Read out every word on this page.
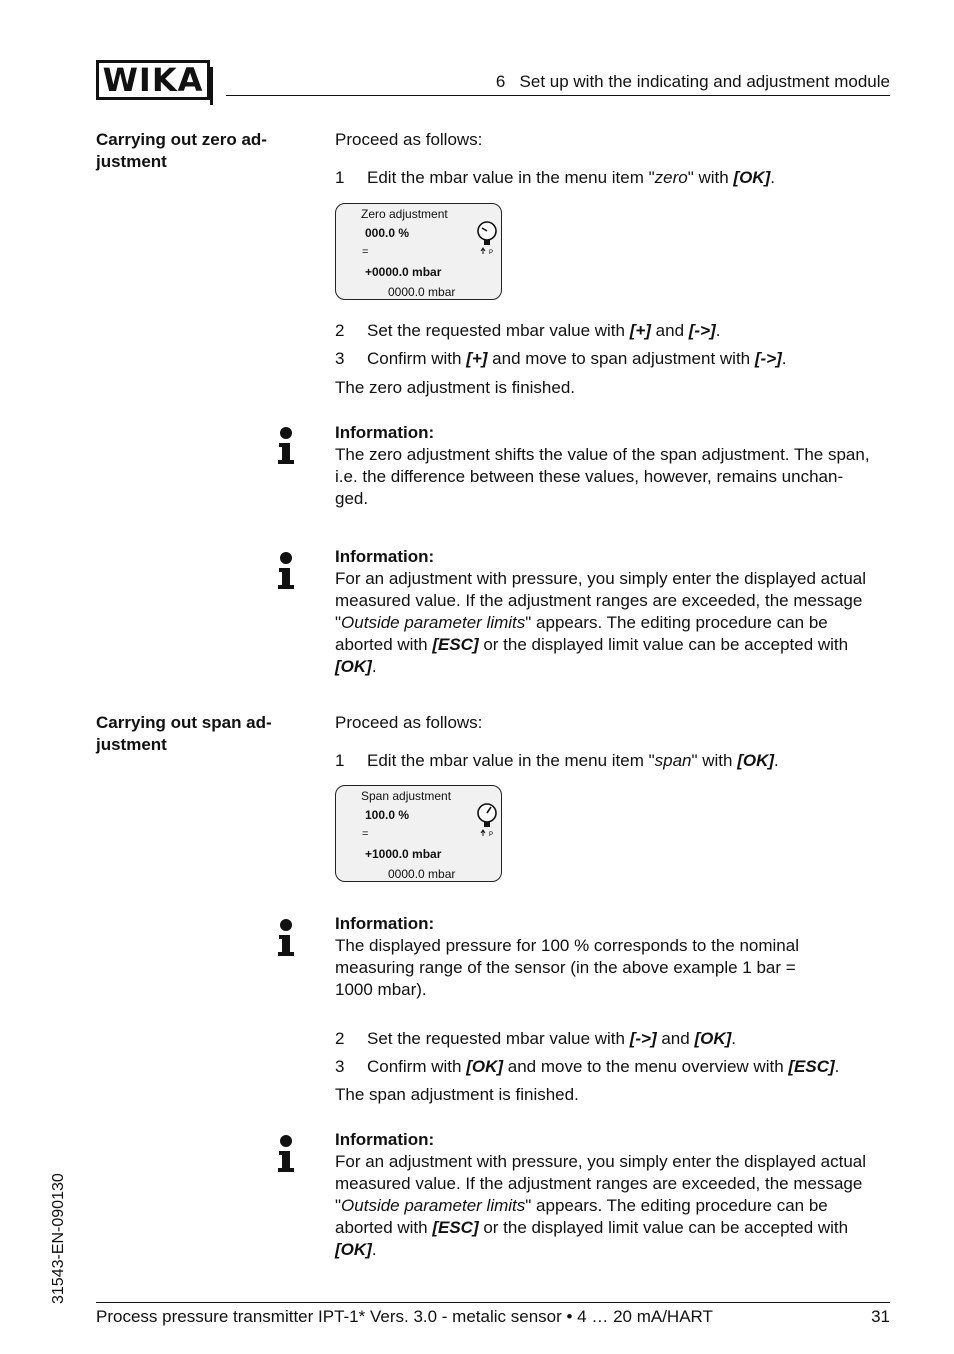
WIKA	6   Set up with the indicating and adjustment module
Carrying out zero ad-
justment
Proceed as follows:
1 Edit the mbar value in the menu item "zero" with [OK].
Zero adjustment
000.0 %
=
+0000.0 mbar
0000.0 mbar
P
2 Set the requested mbar value with [+] and [->].
3 Confirm with [+] and move to span adjustment with [->].
The zero adjustment is finished.
Information:
The zero adjustment shifts the value of the span adjustment. The span,
i.e. the difference between these values, however, remains unchan-
ged.
Information:
For an adjustment with pressure, you simply enter the displayed actual
measured value. If the adjustment ranges are exceeded, the message
"Outside parameter limits" appears. The editing procedure can be
aborted with [ESC] or the displayed limit value can be accepted with
[OK].
Carrying out span ad-
justment
Proceed as follows:
1 Edit the mbar value in the menu item "span" with [OK].
Span adjustment
100.0 %
=
+1000.0 mbar
0000.0 mbar
P
Information:
The displayed pressure for 100 % corresponds to the nominal
measuring range of the sensor (in the above example 1 bar =
1000 mbar).
2 Set the requested mbar value with [->] and [OK].
3 Confirm with [OK] and move to the menu overview with [ESC].
The span adjustment is finished.
Information:
For an adjustment with pressure, you simply enter the displayed actual
measured value. If the adjustment ranges are exceeded, the message
"Outside parameter limits" appears. The editing procedure can be
aborted with [ESC] or the displayed limit value can be accepted with
[OK].
31543-EN-090130
Process pressure transmitter IPT-1* Vers. 3.0 - metalic sensor • 4 … 20 mA/HART	31
